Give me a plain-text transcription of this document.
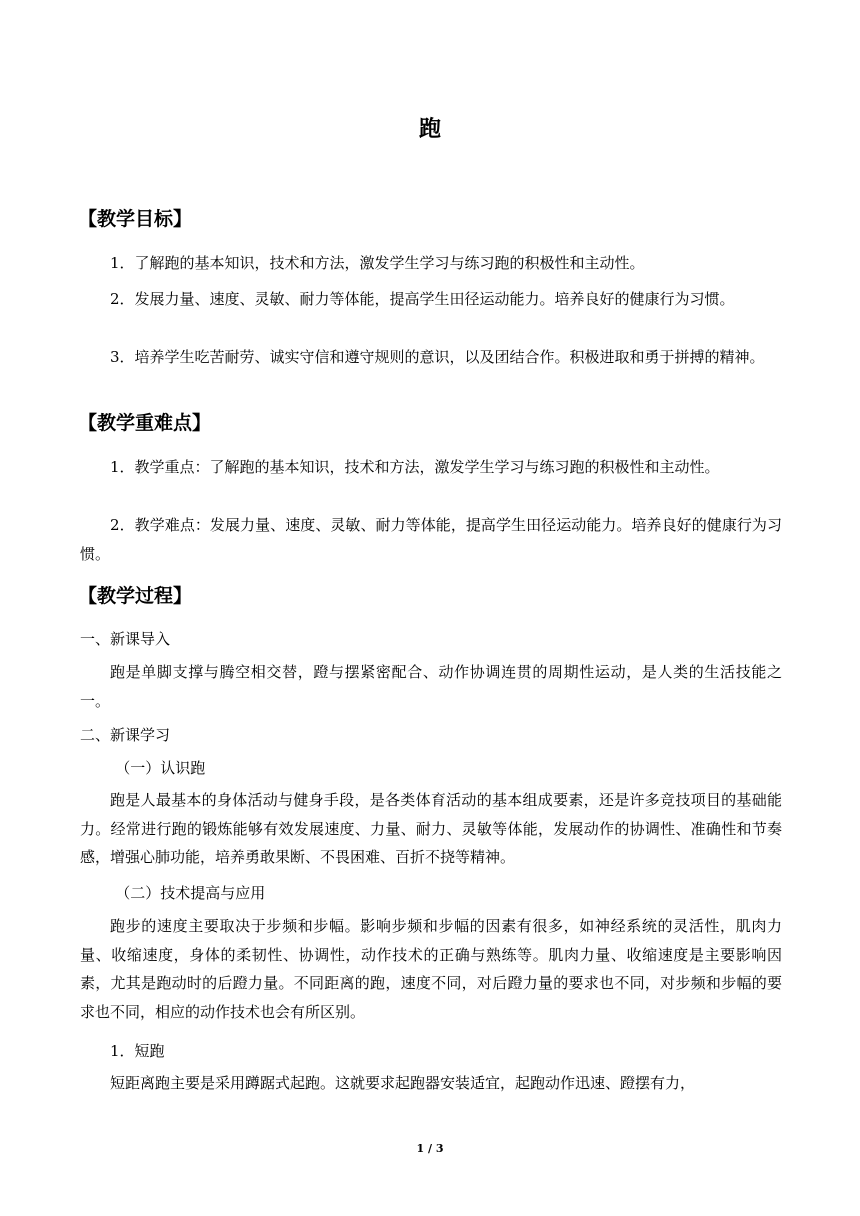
跑
【教学目标】
1．了解跑的基本知识，技术和方法，激发学生学习与练习跑的积极性和主动性。
2．发展力量、速度、灵敏、耐力等体能，提高学生田径运动能力。培养良好的健康行为习惯。
3．培养学生吃苦耐劳、诚实守信和遵守规则的意识，以及团结合作。积极进取和勇于拼搏的精神。
【教学重难点】
1．教学重点：了解跑的基本知识，技术和方法，激发学生学习与练习跑的积极性和主动性。
2．教学难点：发展力量、速度、灵敏、耐力等体能，提高学生田径运动能力。培养良好的健康行为习惯。
【教学过程】
一、新课导入
跑是单脚支撑与腾空相交替，蹬与摆紧密配合、动作协调连贯的周期性运动，是人类的生活技能之一。
二、新课学习
（一）认识跑
跑是人最基本的身体活动与健身手段，是各类体育活动的基本组成要素，还是许多竞技项目的基础能力。经常进行跑的锻炼能够有效发展速度、力量、耐力、灵敏等体能，发展动作的协调性、准确性和节奏感，增强心肺功能，培养勇敢果断、不畏困难、百折不挠等精神。
（二）技术提高与应用
跑步的速度主要取决于步频和步幅。影响步频和步幅的因素有很多，如神经系统的灵活性，肌肉力量、收缩速度，身体的柔韧性、协调性，动作技术的正确与熟练等。肌肉力量、收缩速度是主要影响因素，尤其是跑动时的后蹬力量。不同距离的跑，速度不同，对后蹬力量的要求也不同，对步频和步幅的要求也不同，相应的动作技术也会有所区别。
1．短跑
短距离跑主要是采用蹲踞式起跑。这就要求起跑器安装适宜，起跑动作迅速、蹬摆有力，
1 / 3
